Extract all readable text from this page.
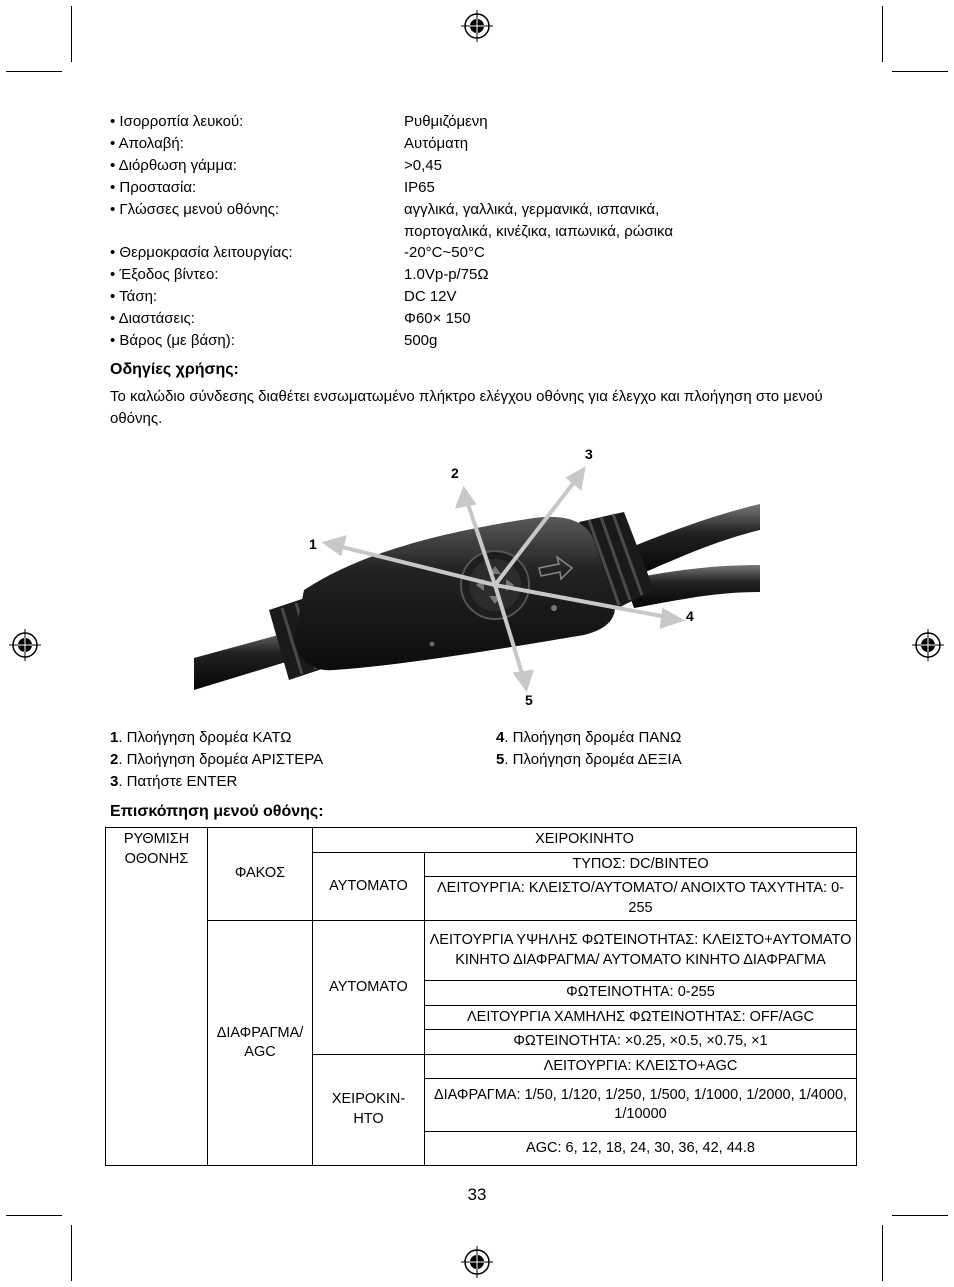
• Ισορροπία λευκού:	Ρυθμιζόμενη
• Απολαβή:	Αυτόματη
• Διόρθωση γάμμα:	>0,45
• Προστασία:	IP65
• Γλώσσες μενού οθόνης:	αγγλικά, γαλλικά, γερμανικά, ισπανικά,
πορτογαλικά, κινέζικα, ιαπωνικά, ρώσικα
• Θερμοκρασία λειτουργίας:	-20°C~50°C
• Έξοδος βίντεο:	1.0Vp-p/75Ω
• Τάση:	DC 12V
• Διαστάσεις:	Φ60× 150
• Βάρος (με βάση):	500g
Οδηγίες χρήσης:

Το καλώδιο σύνδεσης διαθέτει ενσωματωμένο πλήκτρο ελέγχου οθόνης για έλεγχο και πλοήγηση στο μενού οθόνης.

1
2
3
4
5
1. Πλοήγηση δρομέα ΚΑΤΩ
2. Πλοήγηση δρομέα ΑΡΙΣΤΕΡΑ
3. Πατήστε ENTER
4. Πλοήγηση δρομέα ΠΑΝΩ
5. Πλοήγηση δρομέα ΔΕΞΙΑ
Επισκόπηση μενού οθόνης:
ΡΥΘΜΙΣΗ ΟΘΟΝΗΣ	ΦΑΚΟΣ	ΧΕΙΡΟΚΙΝΗΤΟ	
		ΑΥΤΟΜΑΤΟ	ΤΥΠΟΣ: DC/ΒΙΝΤΕΟ
			ΛΕΙΤΟΥΡΓΙΑ: ΚΛΕΙΣΤΟ/ΑΥΤΟΜΑΤΟ/ ΑΝΟΙΧΤΟ ΤΑΧΥΤΗΤΑ: 0-255
	ΔΙΑΦΡΑΓΜΑ/ AGC	ΑΥΤΟΜΑΤΟ	ΛΕΙΤΟΥΡΓΙΑ ΥΨΗΛΗΣ ΦΩΤΕΙΝΟΤΗΤΑΣ: ΚΛΕΙΣΤΟ+ΑΥΤΟΜΑΤΟ ΚΙΝΗΤΟ ΔΙΑΦΡΑΓΜΑ/ ΑΥΤΟΜΑΤΟ ΚΙΝΗΤΟ ΔΙΑΦΡΑΓΜΑ
			ΦΩΤΕΙΝΟΤΗΤΑ: 0-255
			ΛΕΙΤΟΥΡΓΙΑ ΧΑΜΗΛΗΣ ΦΩΤΕΙΝΟΤΗΤΑΣ: OFF/AGC
			ΦΩΤΕΙΝΟΤΗΤΑ: ×0.25, ×0.5, ×0.75, ×1
		ΧΕΙΡΟΚΙΝ- ΗΤΟ	ΛΕΙΤΟΥΡΓΙΑ: ΚΛΕΙΣΤΟ+AGC
			ΔΙΑΦΡΑΓΜΑ: 1/50, 1/120, 1/250, 1/500, 1/1000, 1/2000, 1/4000, 1/10000
			AGC: 6, 12, 18, 24, 30, 36, 42, 44.8
33
